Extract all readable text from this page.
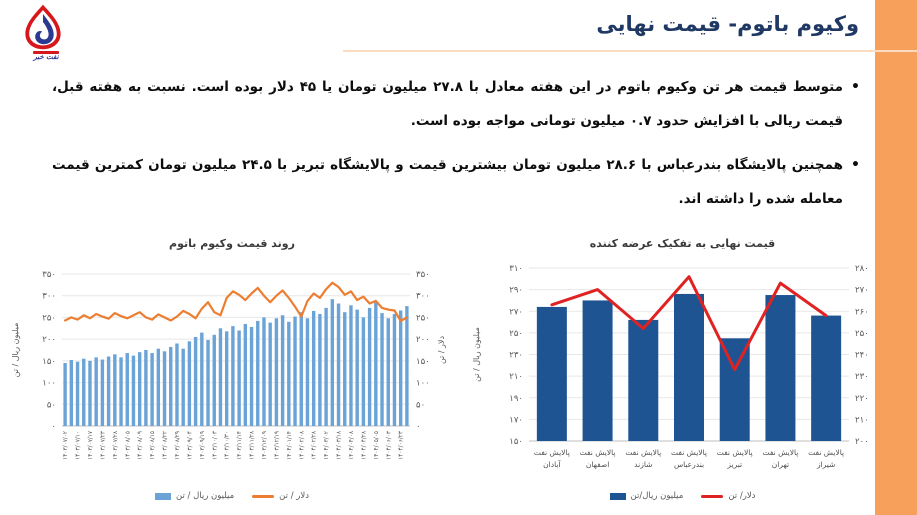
نفت خبر
وکیوم باتوم- قیمت نهایی
• متوسط قیمت هر تن وکیوم باتوم در این هفته معادل با ۲۷.۸ میلیون تومان یا ۴۵ دلار بوده است. نسبت به هفته قبل، قیمت ریالی با افزایش حدود ۰.۷ میلیون تومانی مواجه بوده است.
• همچنین پالایشگاه بندرعباس با ۲۸.۶ میلیون تومان بیشترین قیمت و پالایشگاه تبریز با ۲۴.۵ میلیون تومان کمترین قیمت معامله شده را داشته اند.
روند قیمت وکیوم باتوم
۰
۵۰
۱۰۰
۱۵۰
۲۰۰
۲۵۰
۳۰۰
۳۵۰
۰
۵۰
۱۰۰
۱۵۰
۲۰۰
۲۵۰
۳۰۰
۳۵۰
میلیون ریال / تن	دلار / تن
۱۴۰۳/۰۷/۰۲ ۱۴۰۳/۰۷/۱۰ ۱۴۰۳/۰۷/۱۷ ۱۴۰۳/۰۷/۲۳ ۱۴۰۳/۰۷/۲۸ ۱۴۰۳/۰۸/۰۵ ۱۴۰۳/۰۸/۰۹ ۱۴۰۳/۰۸/۱۵ ۱۴۰۳/۰۸/۲۲ ۱۴۰۳/۰۸/۲۹ ۱۴۰۳/۰۹/۰۴ ۱۴۰۳/۰۹/۱۹ ۱۴۰۳/۱۰/۰۳ ۱۴۰۳/۱۰/۳۰ ۱۴۰۳/۱۱/۱۴ ۱۴۰۳/۱۱/۲۸ ۱۴۰۳/۱۲/۰۹ ۱۴۰۳/۱۲/۱۹ ۱۴۰۴/۰۱/۱۴ ۱۴۰۴/۰۲/۰۸ ۱۴۰۴/۰۲/۲۸ ۱۴۰۴/۰۳/۰۲ ۱۴۰۴/۰۳/۱۸ ۱۴۰۴/۰۴/۰۸ ۱۴۰۴/۰۴/۲۸ ۱۴۰۴/۰۵/۰۵ ۱۴۰۴/۰۶/۰۳ ۱۴۰۴/۰۶/۲۳
میلیون ریال / تن	دلار / تن
قیمت نهایی به تفکیک عرضه کننده
۱۵۰
۱۷۰
۱۹۰
۲۱۰
۲۳۰
۲۵۰
۲۷۰
۲۹۰
۳۱۰
۲۰۰
۲۱۰
۲۲۰
۲۳۰
۲۴۰
۲۵۰
۲۶۰
۲۷۰
۲۸۰
میلیون ریال / تن
پالایش نفت
آبادان
پالایش نفت
اصفهان
پالایش نفت
شازند
پالایش نفت
بندرعباس
پالایش نفت
تبریز
پالایش نفت
تهران
پالایش نفت
شیراز
میلیون ریال/تن	دلار/ تن
